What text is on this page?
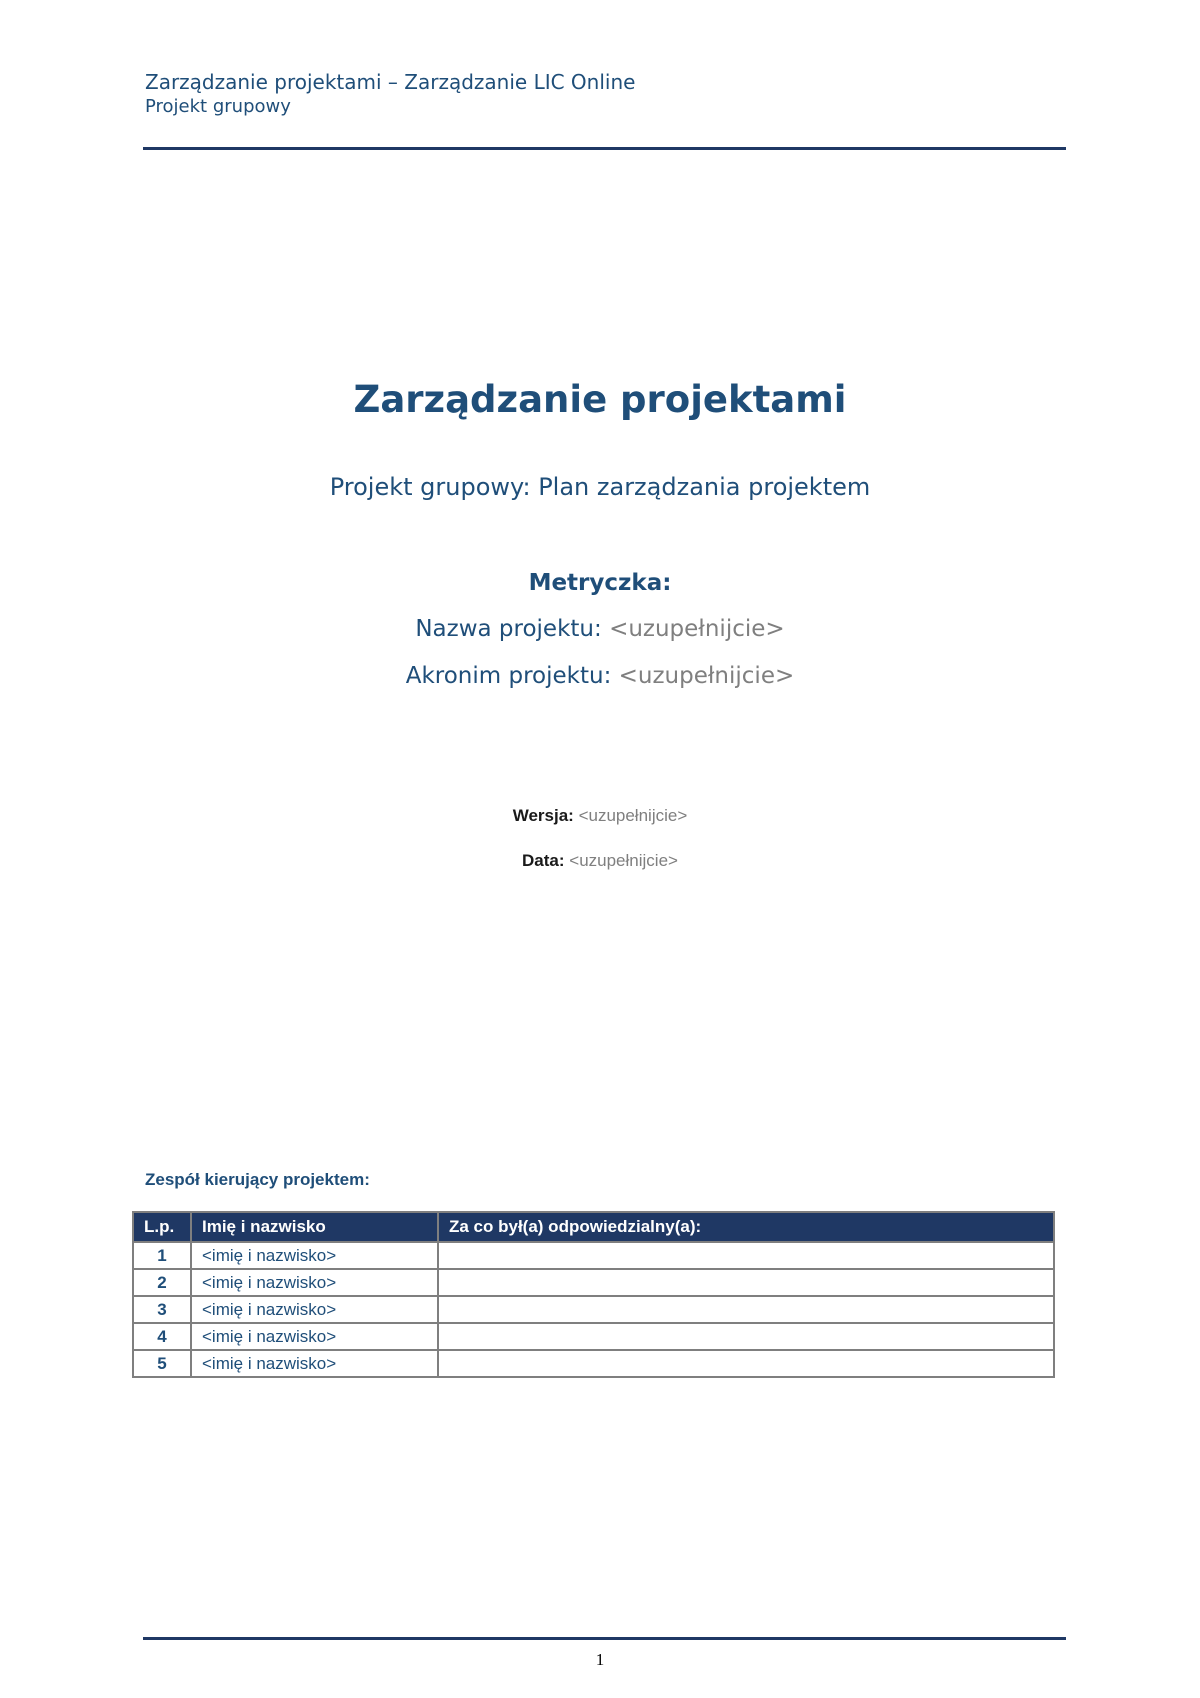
Zarządzanie projektami – Zarządzanie LIC Online
Projekt grupowy
Zarządzanie projektami
Projekt grupowy: Plan zarządzania projektem
Metryczka:
Nazwa projektu: <uzupełnijcie>
Akronim projektu: <uzupełnijcie>
Wersja: <uzupełnijcie>
Data: <uzupełnijcie>
Zespół kierujący projektem:
L.p.	Imię i nazwisko	Za co był(a) odpowiedzialny(a):
1	<imię i nazwisko>	
2	<imię i nazwisko>	
3	<imię i nazwisko>	
4	<imię i nazwisko>	
5	<imię i nazwisko>	
1
